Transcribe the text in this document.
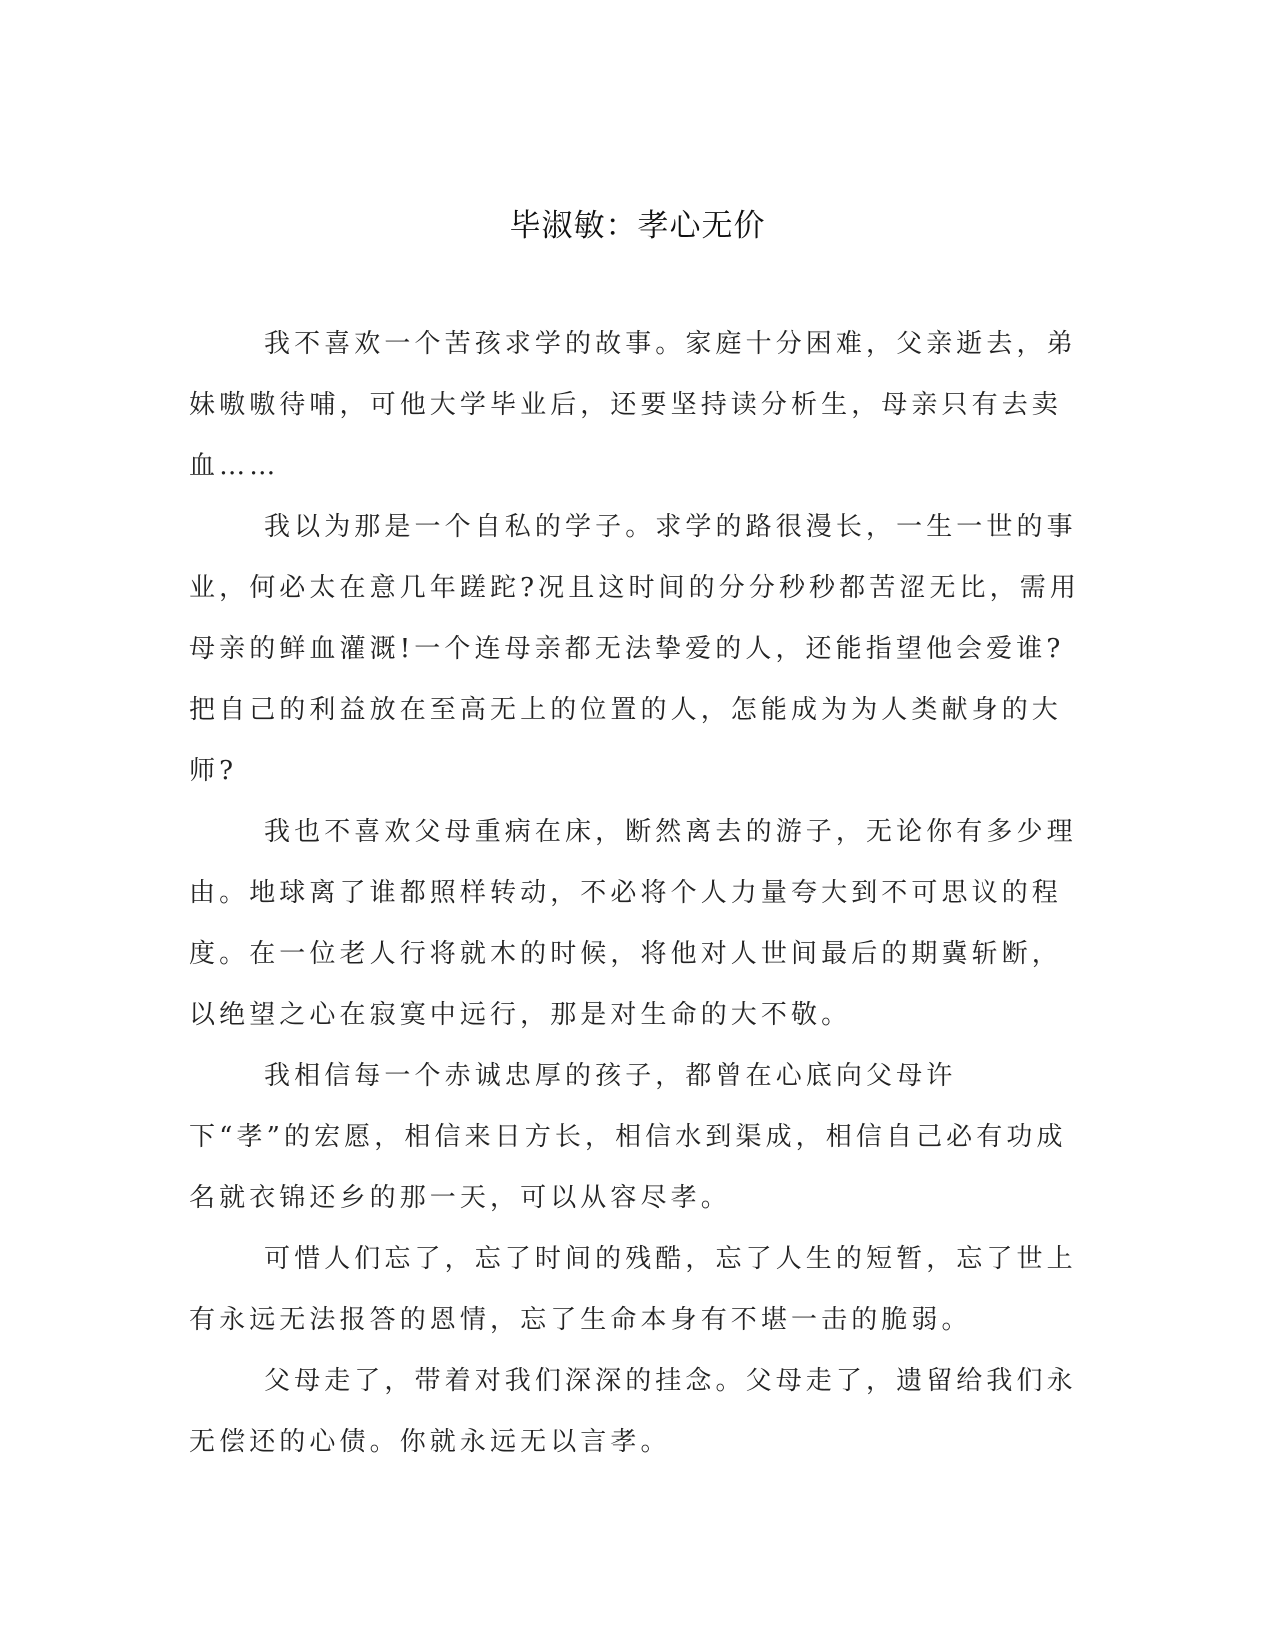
毕淑敏：孝心无价

我不喜欢一个苦孩求学的故事。家庭十分困难，父亲逝去，弟妹嗷嗷待哺，可他大学毕业后，还要坚持读分析生，母亲只有去卖血……

我以为那是一个自私的学子。求学的路很漫长，一生一世的事业，何必太在意几年蹉跎?况且这时间的分分秒秒都苦涩无比，需用母亲的鲜血灌溉!一个连母亲都无法挚爱的人，还能指望他会爱谁?把自己的利益放在至高无上的位置的人，怎能成为为人类献身的大师?

我也不喜欢父母重病在床，断然离去的游子，无论你有多少理由。地球离了谁都照样转动，不必将个人力量夸大到不可思议的程度。在一位老人行将就木的时候，将他对人世间最后的期冀斩断，以绝望之心在寂寞中远行，那是对生命的大不敬。

我相信每一个赤诚忠厚的孩子，都曾在心底向父母许下“孝”的宏愿，相信来日方长，相信水到渠成，相信自己必有功成名就衣锦还乡的那一天，可以从容尽孝。

可惜人们忘了，忘了时间的残酷，忘了人生的短暂，忘了世上有永远无法报答的恩情，忘了生命本身有不堪一击的脆弱。

父母走了，带着对我们深深的挂念。父母走了，遗留给我们永无偿还的心债。你就永远无以言孝。
